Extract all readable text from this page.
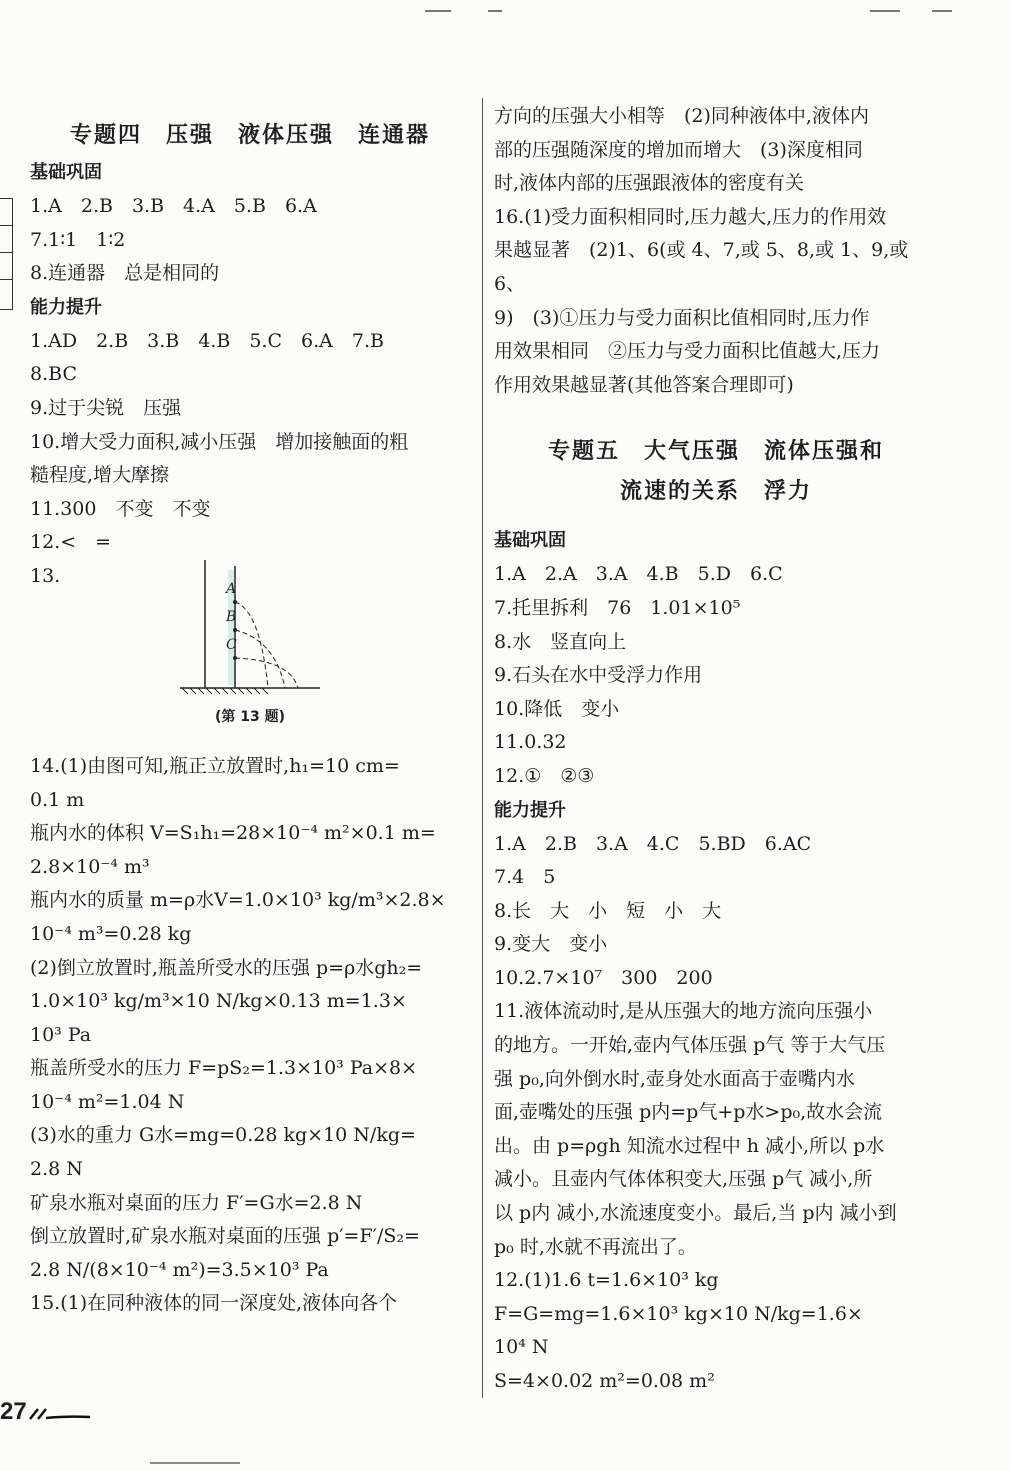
专题四　压强　液体压强　连通器
基础巩固
1.A　2.B　3.B　4.A　5.B　6.A
7.1∶1　1∶2
8.连通器　总是相同的
能力提升
1.AD　2.B　3.B　4.B　5.C　6.A　7.B
8.BC
9.过于尖锐　压强
10.增大受力面积,减小压强　增加接触面的粗
糙程度,增大摩擦
11.300　不变　不变
12.<　=
13.
A
B
C
(第 13 题)
14.(1)由图可知,瓶正立放置时,h₁=10 cm=
0.1 m
瓶内水的体积 V=S₁h₁=28×10⁻⁴ m²×0.1 m=
2.8×10⁻⁴ m³
瓶内水的质量 m=ρ水V=1.0×10³ kg/m³×2.8×
10⁻⁴ m³=0.28 kg
(2)倒立放置时,瓶盖所受水的压强 p=ρ水gh₂=
1.0×10³ kg/m³×10 N/kg×0.13 m=1.3×
10³ Pa
瓶盖所受水的压力 F=pS₂=1.3×10³ Pa×8×
10⁻⁴ m²=1.04 N
(3)水的重力 G水=mg=0.28 kg×10 N/kg=
2.8 N
矿泉水瓶对桌面的压力 F′=G水=2.8 N
倒立放置时,矿泉水瓶对桌面的压强 p′=F′/S₂=
2.8 N/(8×10⁻⁴ m²)=3.5×10³ Pa
15.(1)在同种液体的同一深度处,液体向各个
方向的压强大小相等　(2)同种液体中,液体内
部的压强随深度的增加而增大　(3)深度相同
时,液体内部的压强跟液体的密度有关
16.(1)受力面积相同时,压力越大,压力的作用效
果越显著　(2)1、6(或 4、7,或 5、8,或 1、9,或 6、
9)　(3)①压力与受力面积比值相同时,压力作
用效果相同　②压力与受力面积比值越大,压力
作用效果越显著(其他答案合理即可)
专题五　大气压强　流体压强和
流速的关系　浮力
基础巩固
1.A　2.A　3.A　4.B　5.D　6.C
7.托里拆利　76　1.01×10⁵
8.水　竖直向上
9.石头在水中受浮力作用
10.降低　变小
11.0.32
12.①　②③
能力提升
1.A　2.B　3.A　4.C　5.BD　6.AC
7.4　5
8.长　大　小　短　小　大
9.变大　变小
10.2.7×10⁷　300　200
11.液体流动时,是从压强大的地方流向压强小
的地方。一开始,壶内气体压强 p气 等于大气压
强 p₀,向外倒水时,壶身处水面高于壶嘴内水
面,壶嘴处的压强 p内=p气+p水>p₀,故水会流
出。由 p=ρgh 知流水过程中 h 减小,所以 p水
减小。且壶内气体体积变大,压强 p气 减小,所
以 p内 减小,水流速度变小。最后,当 p内 减小到
p₀ 时,水就不再流出了。
12.(1)1.6 t=1.6×10³ kg
F=G=mg=1.6×10³ kg×10 N/kg=1.6×
10⁴ N
S=4×0.02 m²=0.08 m²
27
